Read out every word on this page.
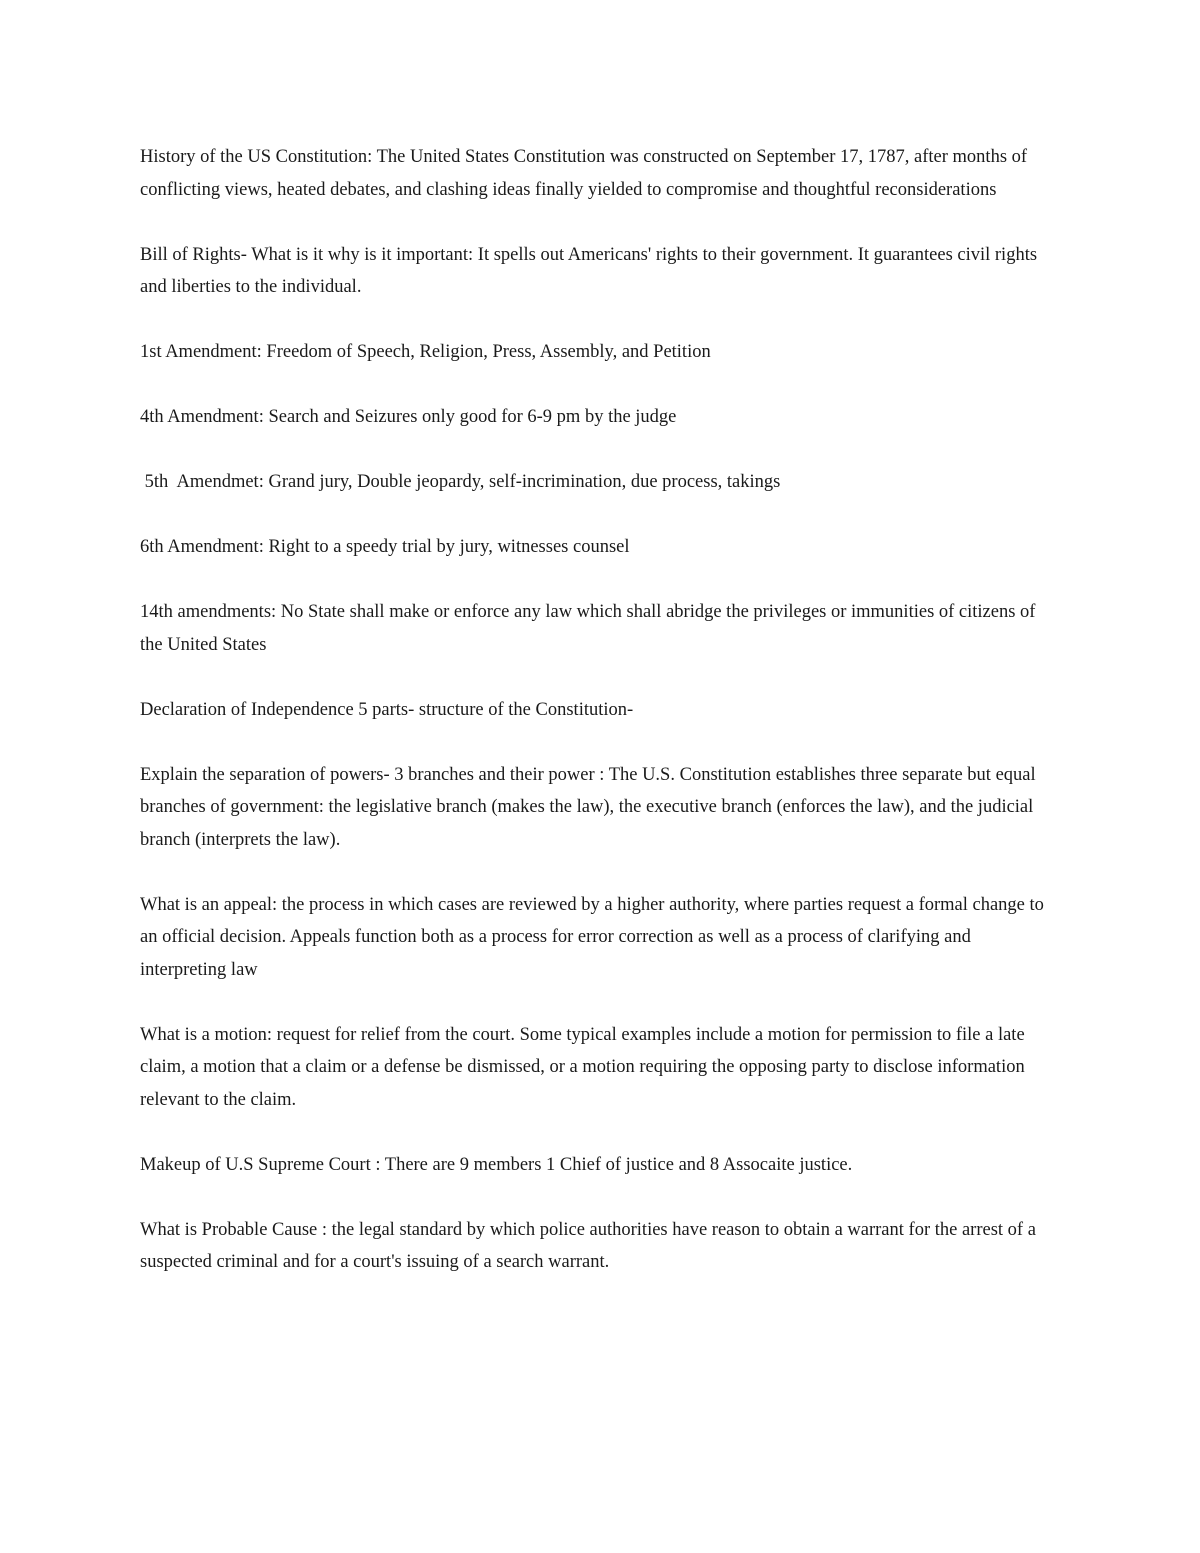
History of the US Constitution: The United States Constitution was constructed on September 17, 1787, after months of conflicting views, heated debates, and clashing ideas finally yielded to compromise and thoughtful reconsiderations

Bill of Rights- What is it why is it important: It spells out Americans' rights to their government. It guarantees civil rights and liberties to the individual.

1st Amendment: Freedom of Speech, Religion, Press, Assembly, and Petition

4th Amendment: Search and Seizures only good for 6-9 pm by the judge

5th  Amendmet: Grand jury, Double jeopardy, self-incrimination, due process, takings

6th Amendment: Right to a speedy trial by jury, witnesses counsel

14th amendments: No State shall make or enforce any law which shall abridge the privileges or immunities of citizens of the United States

Declaration of Independence 5 parts- structure of the Constitution-

Explain the separation of powers- 3 branches and their power : The U.S. Constitution establishes three separate but equal branches of government: the legislative branch (makes the law), the executive branch (enforces the law), and the judicial branch (interprets the law).

What is an appeal: the process in which cases are reviewed by a higher authority, where parties request a formal change to an official decision. Appeals function both as a process for error correction as well as a process of clarifying and interpreting law

What is a motion: request for relief from the court. Some typical examples include a motion for permission to file a late claim, a motion that a claim or a defense be dismissed, or a motion requiring the opposing party to disclose information relevant to the claim.

Makeup of U.S Supreme Court : There are 9 members 1 Chief of justice and 8 Assocaite justice.

What is Probable Cause : the legal standard by which police authorities have reason to obtain a warrant for the arrest of a suspected criminal and for a court's issuing of a search warrant.
